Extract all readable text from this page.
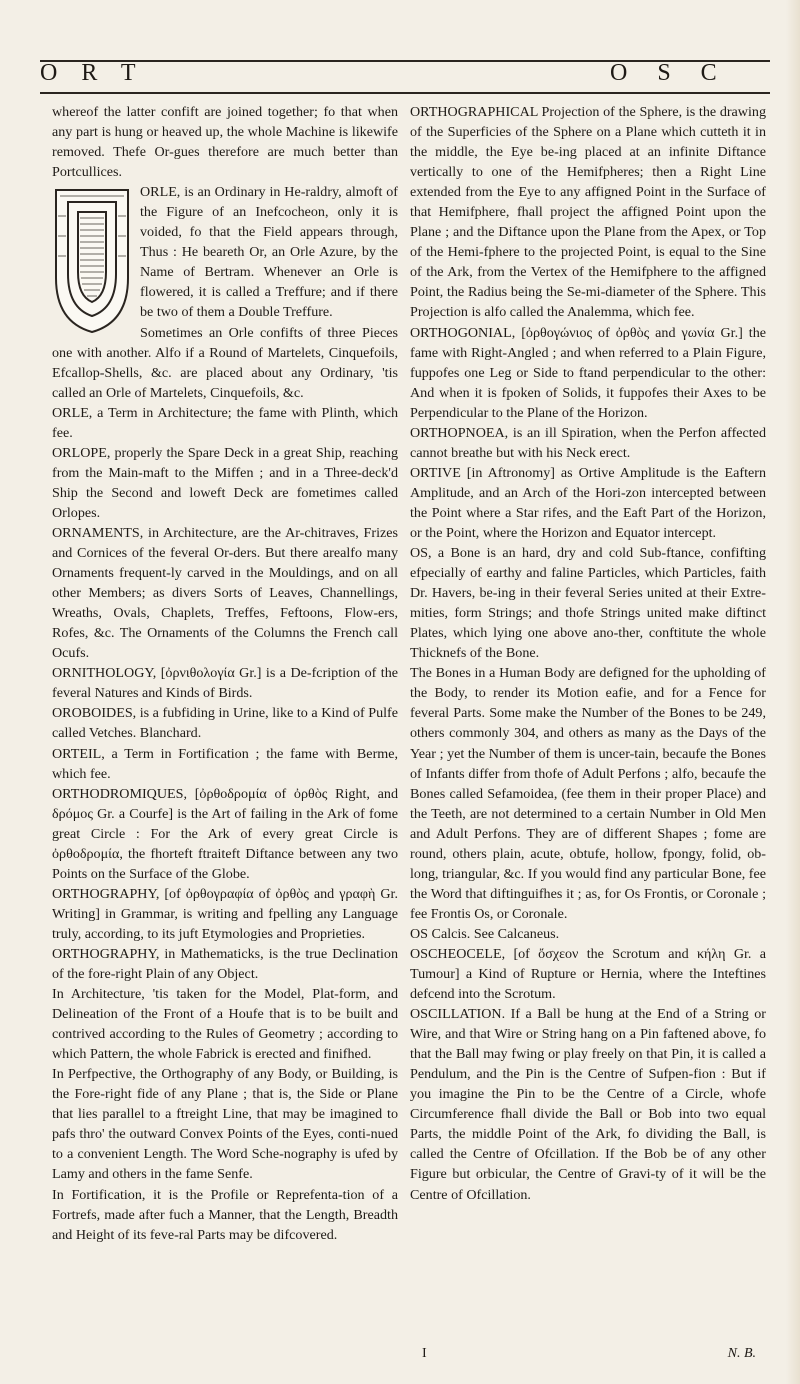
O R T	O S C

whereof the latter confift are joined together; fo that when any part is hung or heaved up, the whole Machine is likewife removed. Thefe Or-gues therefore are much better than Portcullices.

ORLE, is an Ordinary in He-raldry, almoft of the Figure of an Inefcocheon, only it is voided, fo that the Field appears through, Thus : He beareth Or, an Orle Azure, by the Name of Bertram. Whenever an Orle is flowered, it is called a Treffure; and if there be two of them a Double Treffure.

Sometimes an Orle confifts of three Pieces one with another. Alfo if a Round of Martelets, Cinquefoils, Efcallop-Shells, &c. are placed about any Ordinary, 'tis called an Orle of Martelets, Cinquefoils, &c.

ORLE, a Term in Architecture; the fame with Plinth, which fee.

ORLOPE, properly the Spare Deck in a great Ship, reaching from the Main-maft to the Miffen ; and in a Three-deck'd Ship the Second and loweft Deck are fometimes called Orlopes.

ORNAMENTS, in Architecture, are the Ar-chitraves, Frizes and Cornices of the feveral Or-ders. But there arealfo many Ornaments frequent-ly carved in the Mouldings, and on all other Members; as divers Sorts of Leaves, Channellings, Wreaths, Ovals, Chaplets, Treffes, Feftoons, Flow-ers, Rofes, &c. The Ornaments of the Columns the French call Ocufs.

ORNITHOLOGY, [ὀρνιθολογία Gr.] is a De-fcription of the feveral Natures and Kinds of Birds.

OROBOIDES, is a fubfiding in Urine, like to a Kind of Pulfe called Vetches. Blanchard.

ORTEIL, a Term in Fortification ; the fame with Berme, which fee.

ORTHODROMIQUES, [ὀρθοδρομία of ὀρθὸς Right, and δρόμος Gr. a Courfe] is the Art of failing in the Ark of fome great Circle : For the Ark of every great Circle is ὀρθοδρομία, the fhorteft ftraiteft Diftance between any two Points on the Surface of the Globe.

ORTHOGRAPHY, [of ὀρθογραφία of ὀρθὸς and γραφὴ Gr. Writing] in Grammar, is writing and fpelling any Language truly, according, to its juft Etymologies and Proprieties.

ORTHOGRAPHY, in Mathematicks, is the true Declination of the fore-right Plain of any Object.

In Architecture, 'tis taken for the Model, Plat-form, and Delineation of the Front of a Houfe that is to be built and contrived according to the Rules of Geometry ; according to which Pattern, the whole Fabrick is erected and finifhed.

In Perfpective, the Orthography of any Body, or Building, is the Fore-right fide of any Plane ; that is, the Side or Plane that lies parallel to a ftreight Line, that may be imagined to pafs thro' the outward Convex Points of the Eyes, conti-nued to a convenient Length. The Word Sche-nography is ufed by Lamy and others in the fame Senfe.

In Fortification, it is the Profile or Reprefenta-tion of a Fortrefs, made after fuch a Manner, that the Length, Breadth and Height of its feve-ral Parts may be difcovered.

ORTHOGRAPHICAL Projection of the Sphere, is the drawing of the Superficies of the Sphere on a Plane which cutteth it in the middle, the Eye be-ing placed at an infinite Diftance vertically to one of the Hemifpheres; then a Right Line extended from the Eye to any affigned Point in the Surface of that Hemifphere, fhall project the affigned Point upon the Plane ; and the Diftance upon the Plane from the Apex, or Top of the Hemi-fphere to the projected Point, is equal to the Sine of the Ark, from the Vertex of the Hemifphere to the affigned Point, the Radius being the Se-mi-diameter of the Sphere. This Projection is alfo called the Analemma, which fee.

ORTHOGONIAL, [ὀρθογώνιος of ὀρθὸς and γωνία Gr.] the fame with Right-Angled ; and when referred to a Plain Figure, fuppofes one Leg or Side to ftand perpendicular to the other: And when it is fpoken of Solids, it fuppofes their Axes to be Perpendicular to the Plane of the Horizon.

ORTHOPNOEA, is an ill Spiration, when the Perfon affected cannot breathe but with his Neck erect.

ORTIVE [in Aftronomy] as Ortive Amplitude is the Eaftern Amplitude, and an Arch of the Hori-zon intercepted between the Point where a Star rifes, and the Eaft Part of the Horizon, or the Point, where the Horizon and Equator intercept.

OS, a Bone is an hard, dry and cold Sub-ftance, confifting efpecially of earthy and faline Particles, which Particles, faith Dr. Havers, be-ing in their feveral Series united at their Extre-mities, form Strings; and thofe Strings united make diftinct Plates, which lying one above ano-ther, conftitute the whole Thicknefs of the Bone.

The Bones in a Human Body are defigned for the upholding of the Body, to render its Motion eafie, and for a Fence for feveral Parts. Some make the Number of the Bones to be 249, others commonly 304, and others as many as the Days of the Year ; yet the Number of them is uncer-tain, becaufe the Bones of Infants differ from thofe of Adult Perfons ; alfo, becaufe the Bones called Sefamoidea, (fee them in their proper Place) and the Teeth, are not determined to a certain Number in Old Men and Adult Perfons. They are of different Shapes ; fome are round, others plain, acute, obtufe, hollow, fpongy, folid, ob-long, triangular, &c. If you would find any particular Bone, fee the Word that diftinguifhes it ; as, for Os Frontis, or Coronale ; fee Frontis Os, or Coronale.

OS Calcis. See Calcaneus.

OSCHEOCELE, [of ὄσχεον the Scrotum and κήλη Gr. a Tumour] a Kind of Rupture or Hernia, where the Inteftines defcend into the Scrotum.

OSCILLATION. If a Ball be hung at the End of a String or Wire, and that Wire or String hang on a Pin faftened above, fo that the Ball may fwing or play freely on that Pin, it is called a Pendulum, and the Pin is the Centre of Sufpen-fion : But if you imagine the Pin to be the Centre of a Circle, whofe Circumference fhall divide the Ball or Bob into two equal Parts, the middle Point of the Ark, fo dividing the Ball, is called the Centre of Ofcillation. If the Bob be of any other Figure but orbicular, the Centre of Gravi-ty of it will be the Centre of Ofcillation.

I	N. B.
